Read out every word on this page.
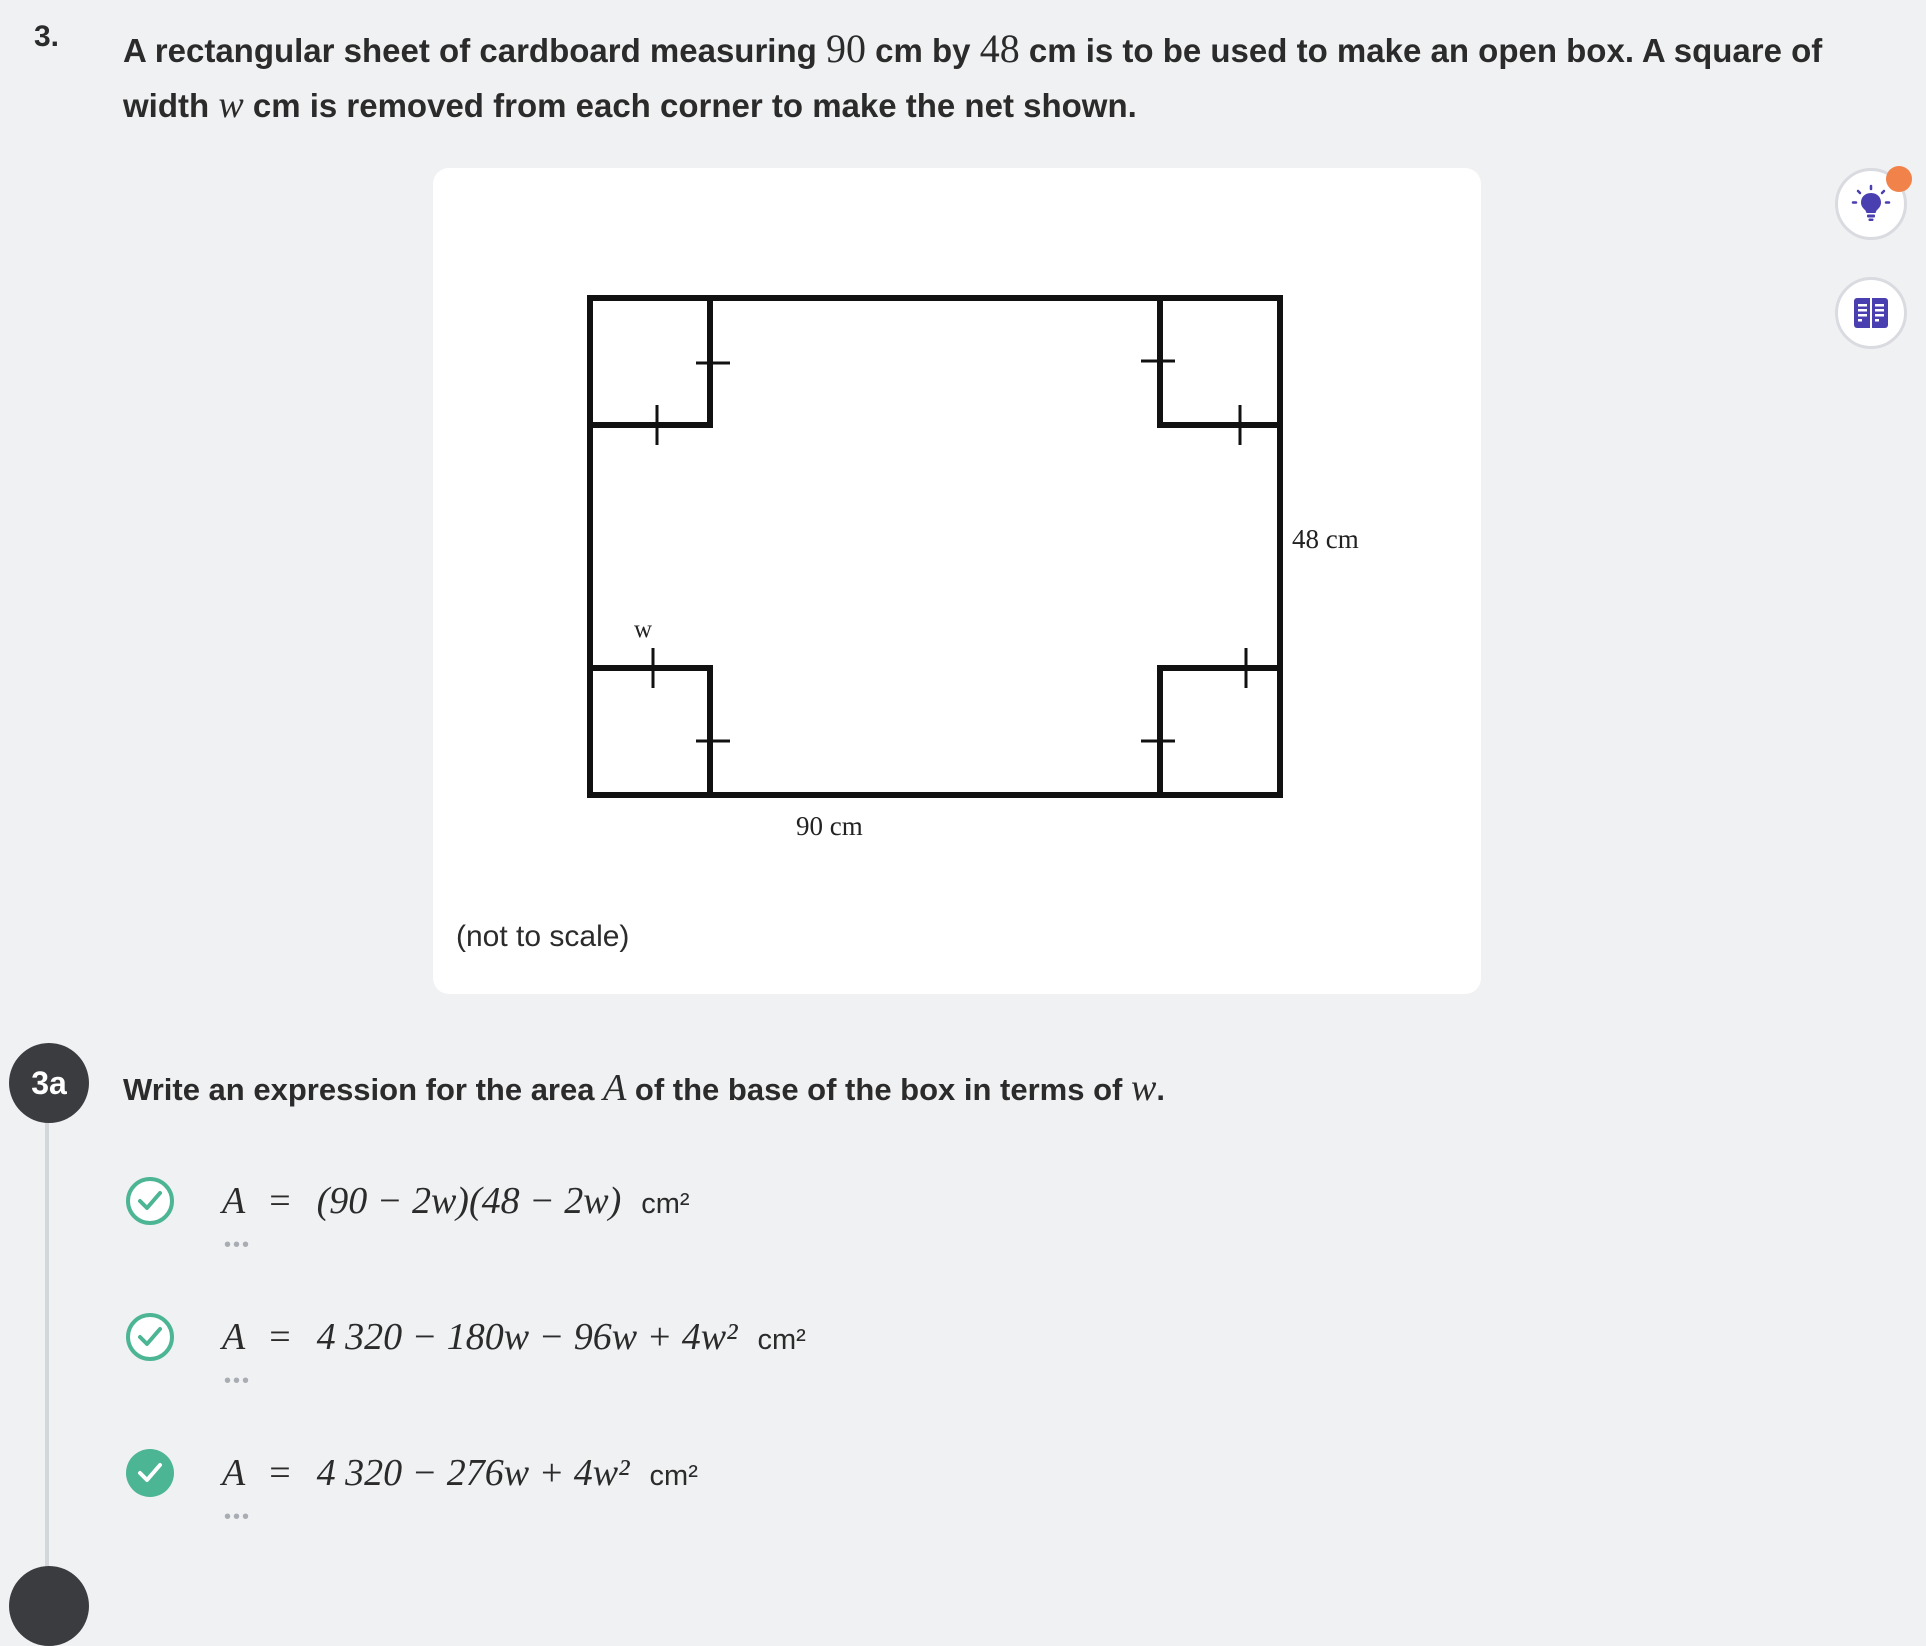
3. A rectangular sheet of cardboard measuring 90 cm by 48 cm is to be used to make an open box. A square of width w cm is removed from each corner to make the net shown.
48 cm
90 cm
w
(not to scale)
3a	Write an expression for the area A of the base of the box in terms of w.
A = (90 − 2w)(48 − 2w) cm²
•••
A = 4 320 − 180w − 96w + 4w² cm²
•••
A = 4 320 − 276w + 4w² cm²
•••
